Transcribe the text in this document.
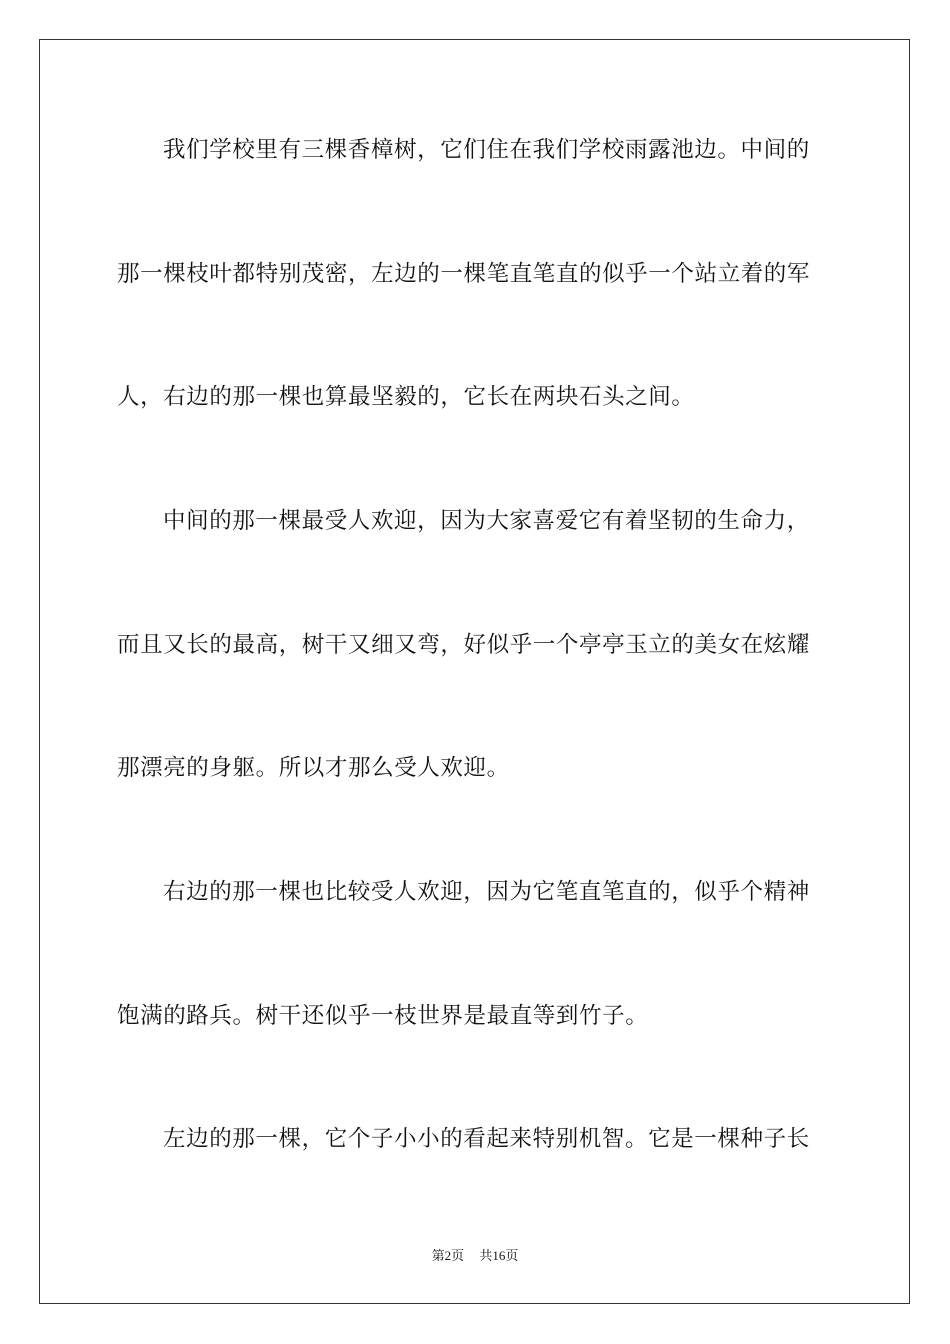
我们学校里有三棵香樟树，它们住在我们学校雨露池边。中间的
那一棵枝叶都特别茂密，左边的一棵笔直笔直的似乎一个站立着的军
人，右边的那一棵也算最坚毅的，它长在两块石头之间。
中间的那一棵最受人欢迎，因为大家喜爱它有着坚韧的生命力，
而且又长的最高，树干又细又弯，好似乎一个亭亭玉立的美女在炫耀
那漂亮的身躯。所以才那么受人欢迎。
右边的那一棵也比较受人欢迎，因为它笔直笔直的，似乎个精神
饱满的路兵。树干还似乎一枝世界是最直等到竹子。
左边的那一棵，它个子小小的看起来特别机智。它是一棵种子长
第2页 共16页
